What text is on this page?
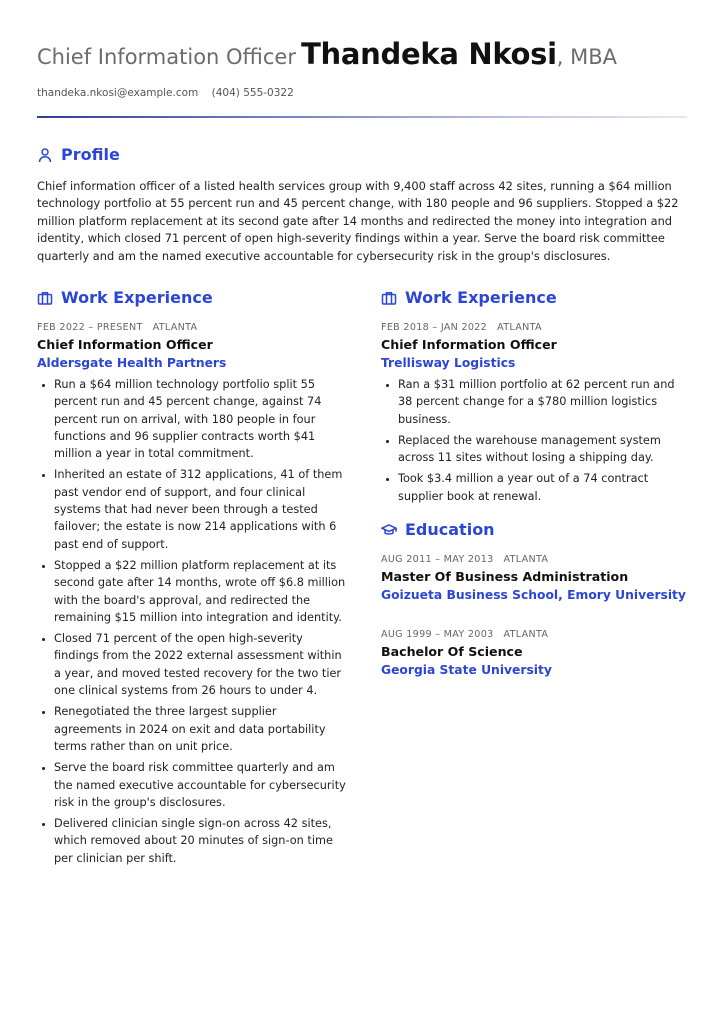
Chief Information Officer Thandeka Nkosi, MBA
thandeka.nkosi@example.com (404) 555-0322
Profile
Chief information officer of a listed health services group with 9,400 staff across 42 sites, running a $64 million technology portfolio at 55 percent run and 45 percent change, with 180 people and 96 suppliers. Stopped a $22 million platform replacement at its second gate after 14 months and redirected the money into integration and identity, which closed 71 percent of open high-severity findings within a year. Serve the board risk committee quarterly and am the named executive accountable for cybersecurity risk in the group's disclosures.
Work Experience
FEB 2022 – PRESENT ATLANTA
Chief Information Officer
Aldersgate Health Partners
• Run a $64 million technology portfolio split 55 percent run and 45 percent change, against 74 percent run on arrival, with 180 people in four functions and 96 supplier contracts worth $41 million a year in total commitment.
• Inherited an estate of 312 applications, 41 of them past vendor end of support, and four clinical systems that had never been through a tested failover; the estate is now 214 applications with 6 past end of support.
• Stopped a $22 million platform replacement at its second gate after 14 months, wrote off $6.8 million with the board's approval, and redirected the remaining $15 million into integration and identity.
• Closed 71 percent of the open high-severity findings from the 2022 external assessment within a year, and moved tested recovery for the two tier one clinical systems from 26 hours to under 4.
• Renegotiated the three largest supplier agreements in 2024 on exit and data portability terms rather than on unit price.
• Serve the board risk committee quarterly and am the named executive accountable for cybersecurity risk in the group's disclosures.
• Delivered clinician single sign-on across 42 sites, which removed about 20 minutes of sign-on time per clinician per shift.
Work Experience
FEB 2018 – JAN 2022 ATLANTA
Chief Information Officer
Trellisway Logistics
• Ran a $31 million portfolio at 62 percent run and 38 percent change for a $780 million logistics business.
• Replaced the warehouse management system across 11 sites without losing a shipping day.
• Took $3.4 million a year out of a 74 contract supplier book at renewal.
Education
AUG 2011 – MAY 2013 ATLANTA
Master Of Business Administration
Goizueta Business School, Emory University
AUG 1999 – MAY 2003 ATLANTA
Bachelor Of Science
Georgia State University
